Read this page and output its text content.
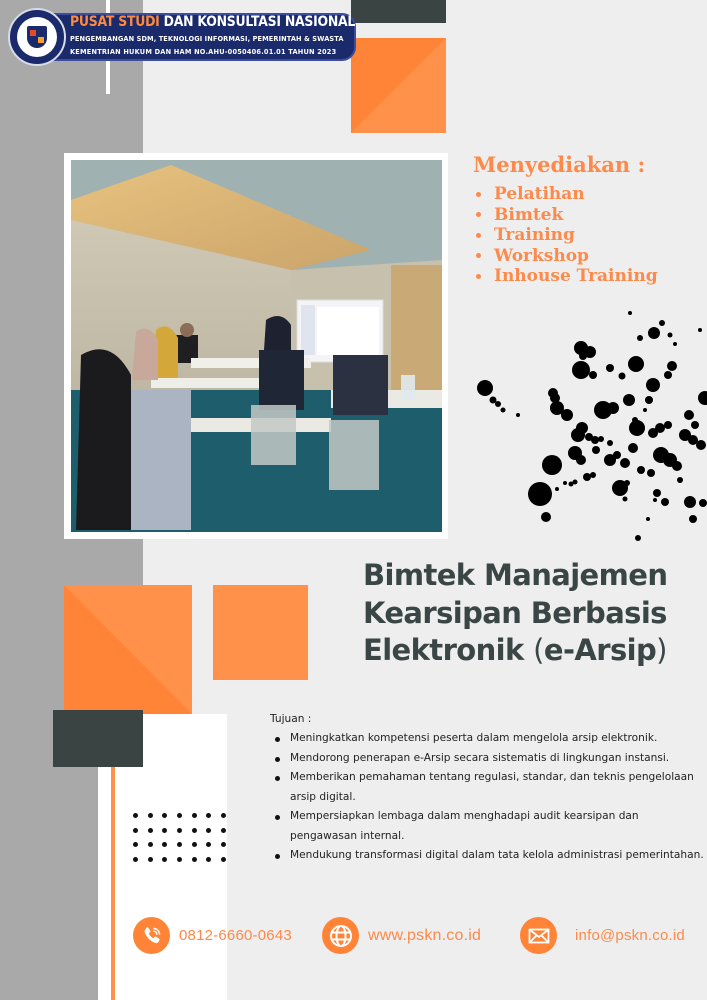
PUSAT STUDI DAN KONSULTASI NASIONAL
PENGEMBANGAN SDM, TEKNOLOGI INFORMASI, PEMERINTAH & SWASTA
KEMENTRIAN HUKUM DAN HAM NO.AHU-0050406.01.01 TAHUN 2023
Menyediakan :
Pelatihan
Bimtek
Training
Workshop
Inhouse Training
Bimtek Manajemen
Kearsipan Berbasis
Elektronik (e-Arsip)
Tujuan :
Meningkatkan kompetensi peserta dalam mengelola arsip elektronik.
Mendorong penerapan e-Arsip secara sistematis di lingkungan instansi.
Memberikan pemahaman tentang regulasi, standar, dan teknis pengelolaan arsip digital.
Mempersiapkan lembaga dalam menghadapi audit kearsipan dan pengawasan internal.
Mendukung transformasi digital dalam tata kelola administrasi pemerintahan.
0812-6660-0643	www.pskn.co.id	info@pskn.co.id
